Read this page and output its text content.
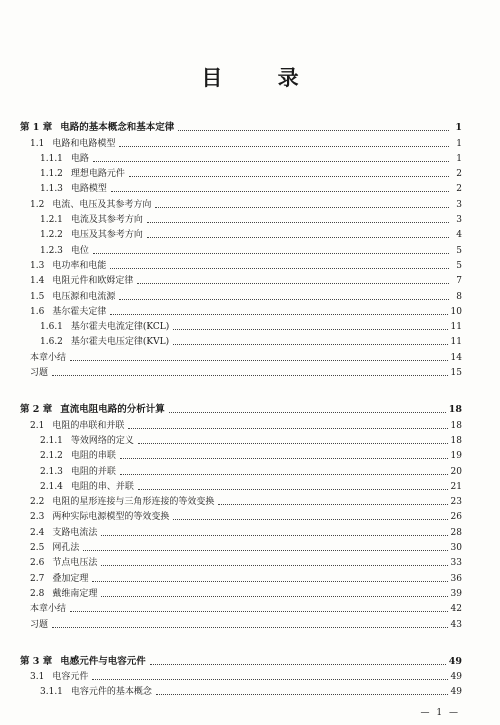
目 录
第 1 章 电路的基本概念和基本定律	1
1.1 电路和电路模型	1
1.1.1 电路	1
1.1.2 理想电路元件	2
1.1.3 电路模型	2
1.2 电流、电压及其参考方向	3
1.2.1 电流及其参考方向	3
1.2.2 电压及其参考方向	4
1.2.3 电位	5
1.3 电功率和电能	5
1.4 电阻元件和欧姆定律	7
1.5 电压源和电流源	8
1.6 基尔霍夫定律	10
1.6.1 基尔霍夫电流定律(KCL)	11
1.6.2 基尔霍夫电压定律(KVL)	11
本章小结	14
习题	15
第 2 章 直流电阻电路的分析计算	18
2.1 电阻的串联和并联	18
2.1.1 等效网络的定义	18
2.1.2 电阻的串联	19
2.1.3 电阻的并联	20
2.1.4 电阻的串、并联	21
2.2 电阻的星形连接与三角形连接的等效变换	23
2.3 两种实际电源模型的等效变换	26
2.4 支路电流法	28
2.5 网孔法	30
2.6 节点电压法	33
2.7 叠加定理	36
2.8 戴维南定理	39
本章小结	42
习题	43
第 3 章 电感元件与电容元件	49
3.1 电容元件	49
3.1.1 电容元件的基本概念	49
— 1 —
